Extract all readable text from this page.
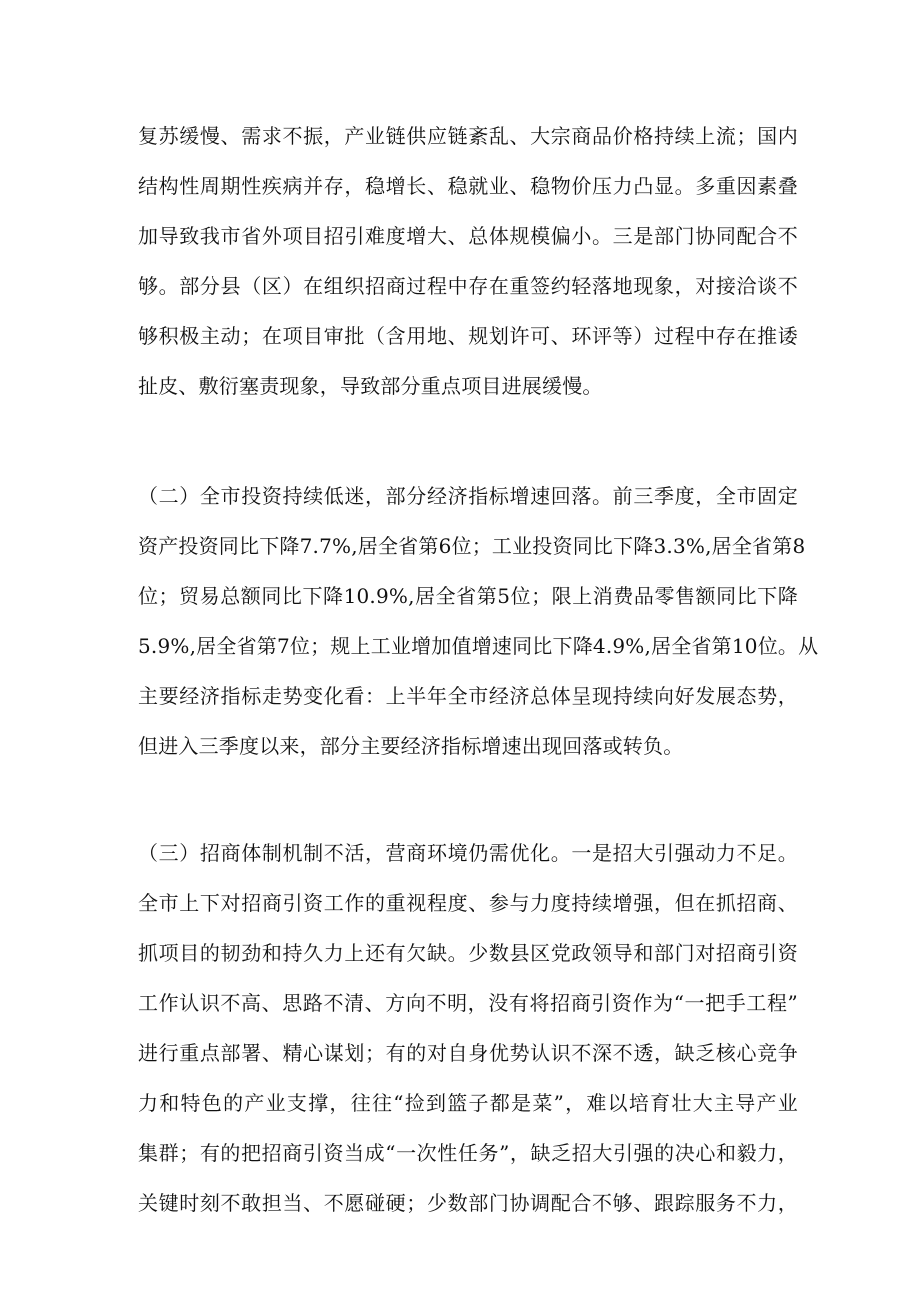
复苏缓慢、需求不振，产业链供应链紊乱、大宗商品价格持续上流；国内
结构性周期性疾病并存，稳增长、稳就业、稳物价压力凸显。多重因素叠
加导致我市省外项目招引难度增大、总体规模偏小。三是部门协同配合不
够。部分县（区）在组织招商过程中存在重签约轻落地现象，对接洽谈不
够积极主动；在项目审批（含用地、规划许可、环评等）过程中存在推诿
扯皮、敷衍塞责现象，导致部分重点项目进展缓慢。
（二）全市投资持续低迷，部分经济指标增速回落。前三季度，全市固定
资产投资同比下降7.7%,居全省第6位；工业投资同比下降3.3%,居全省第8
位；贸易总额同比下降10.9%,居全省第5位；限上消费品零售额同比下降
5.9%,居全省第7位；规上工业增加值增速同比下降4.9%,居全省第10位。从
主要经济指标走势变化看：上半年全市经济总体呈现持续向好发展态势，
但进入三季度以来，部分主要经济指标增速出现回落或转负。
（三）招商体制机制不活，营商环境仍需优化。一是招大引强动力不足。
全市上下对招商引资工作的重视程度、参与力度持续增强，但在抓招商、
抓项目的韧劲和持久力上还有欠缺。少数县区党政领导和部门对招商引资
工作认识不高、思路不清、方向不明，没有将招商引资作为“一把手工程”
进行重点部署、精心谋划；有的对自身优势认识不深不透，缺乏核心竞争
力和特色的产业支撑，往往“捡到篮子都是菜”，难以培育壮大主导产业
集群；有的把招商引资当成“一次性任务”，缺乏招大引强的决心和毅力，
关键时刻不敢担当、不愿碰硬；少数部门协调配合不够、跟踪服务不力，
